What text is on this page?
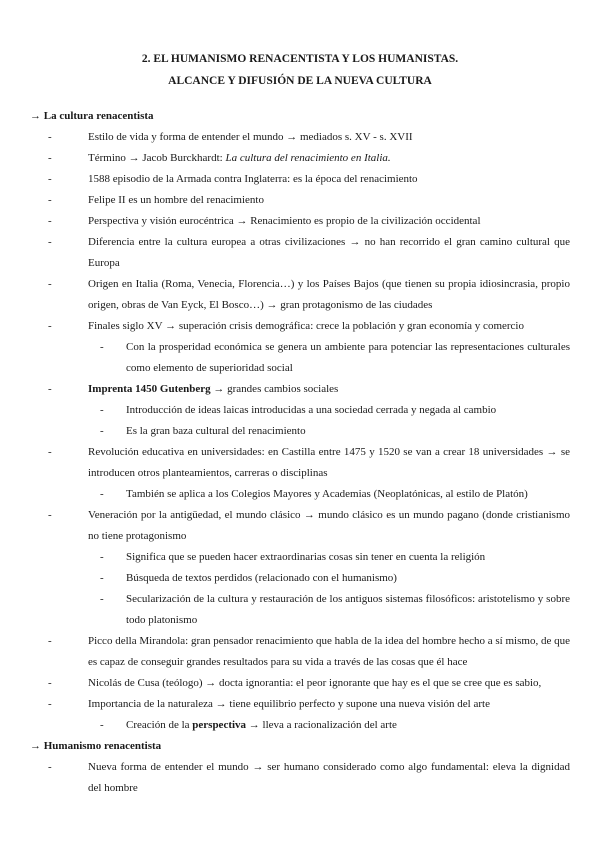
2. EL HUMANISMO RENACENTISTA Y LOS HUMANISTAS.
ALCANCE Y DIFUSIÓN DE LA NUEVA CULTURA
→ La cultura renacentista
- Estilo de vida y forma de entender el mundo → mediados s. XV - s. XVII
- Término → Jacob Burckhardt: La cultura del renacimiento en Italia.
- 1588 episodio de la Armada contra Inglaterra: es la época del renacimiento
- Felipe II es un hombre del renacimiento
- Perspectiva y visión eurocéntrica → Renacimiento es propio de la civilización occidental
- Diferencia entre la cultura europea a otras civilizaciones → no han recorrido el gran camino cultural que Europa
- Origen en Italia (Roma, Venecia, Florencia…) y los Países Bajos (que tienen su propia idiosincrasia, propio origen, obras de Van Eyck, El Bosco…) → gran protagonismo de las ciudades
- Finales siglo XV → superación crisis demográfica: crece la población y gran economía y comercio
- Con la prosperidad económica se genera un ambiente para potenciar las representaciones culturales como elemento de superioridad social
- Imprenta 1450 Gutenberg → grandes cambios sociales
- Introducción de ideas laicas introducidas a una sociedad cerrada y negada al cambio
- Es la gran baza cultural del renacimiento
- Revolución educativa en universidades: en Castilla entre 1475 y 1520 se van a crear 18 universidades → se introducen otros planteamientos, carreras o disciplinas
- También se aplica a los Colegios Mayores y Academias (Neoplatónicas, al estilo de Platón)
- Veneración por la antigüedad, el mundo clásico → mundo clásico es un mundo pagano (donde cristianismo no tiene protagonismo
- Significa que se pueden hacer extraordinarias cosas sin tener en cuenta la religión
- Búsqueda de textos perdidos (relacionado con el humanismo)
- Secularización de la cultura y restauración de los antiguos sistemas filosóficos: aristotelismo y sobre todo platonismo
- Picco della Mirandola: gran pensador renacimiento que habla de la idea del hombre hecho a sí mismo, de que es capaz de conseguir grandes resultados para su vida a través de las cosas que él hace
- Nicolás de Cusa (teólogo) → docta ignorantia: el peor ignorante que hay es el que se cree que es sabio,
- Importancia de la naturaleza → tiene equilibrio perfecto y supone una nueva visión del arte
- Creación de la perspectiva → lleva a racionalización del arte
→ Humanismo renacentista
- Nueva forma de entender el mundo → ser humano considerado como algo fundamental: eleva la dignidad del hombre
